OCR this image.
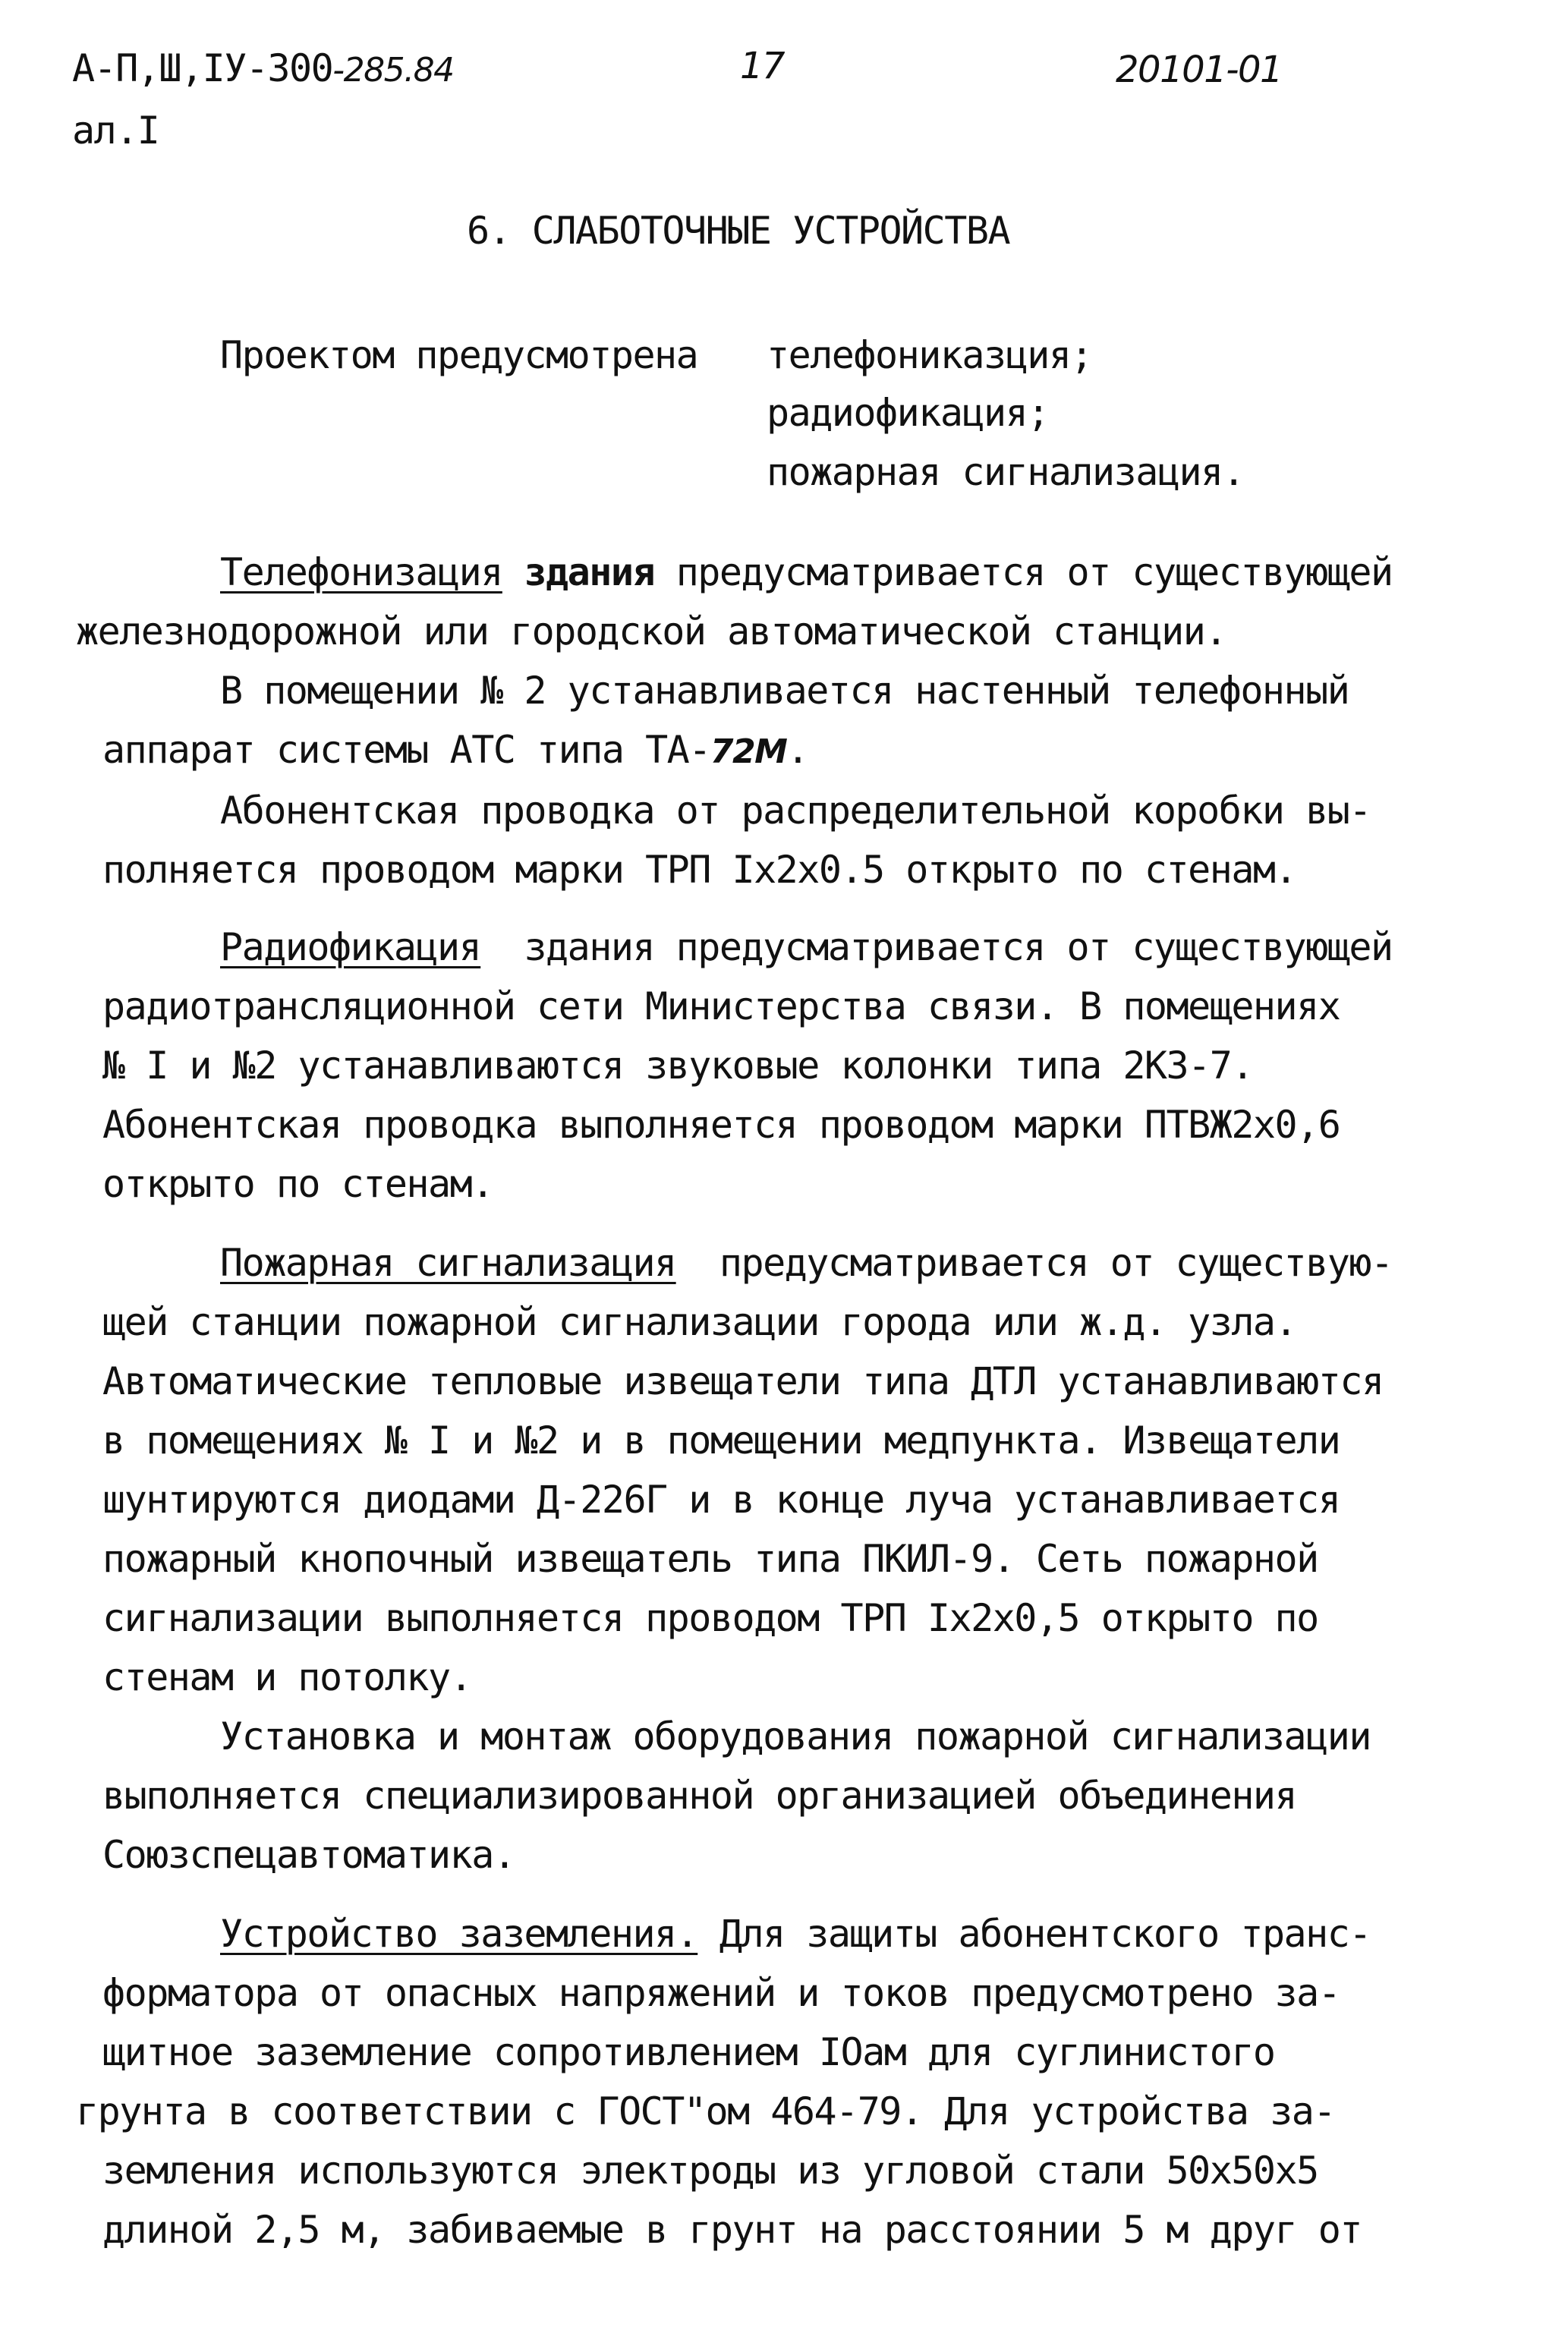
А-П,Ш,IУ-300-285.84
ал.I
17	20101-01
6. СЛАБОТОЧНЫЕ УСТРОЙСТВА
Проектом предусмотрена телефониказция;
радиофикация;
пожарная сигнализация.
Телефонизация здания предусматривается от существующей
железнодорожной или городской автоматической станции.
В помещении № 2 устанавливается настенный телефонный
аппарат системы АТС типа ТА-72М.
Абонентская проводка от распределительной коробки вы-
полняется проводом марки ТРП Iх2х0.5 открыто по стенам.
Радиофикация здания предусматривается от существующей
радиотрансляционной сети Министерства связи. В помещениях
№ I и №2 устанавливаются звуковые колонки типа 2КЗ-7.
Абонентская проводка выполняется проводом марки ПТВЖ2х0,6
открыто по стенам.
Пожарная сигнализация предусматривается от существую-
щей станции пожарной сигнализации города или ж.д. узла.
Автоматические тепловые извещатели типа ДТЛ устанавливаются
в помещениях № I и №2 и в помещении медпункта. Извещатели
шунтируются диодами Д-226Г и в конце луча устанавливается
пожарный кнопочный извещатель типа ПКИЛ-9. Сеть пожарной
сигнализации выполняется проводом ТРП Iх2х0,5 открыто по
стенам и потолку.
Установка и монтаж оборудования пожарной сигнализации
выполняется специализированной организацией объединения
Союзспецавтоматика.
Устройство заземления. Для защиты абонентского транс-
форматора от опасных напряжений и токов предусмотрено за-
щитное заземление сопротивлением IОам для суглинистого
грунта в соответствии с ГОСТ"ом 464-79. Для устройства за-
земления используются электроды из угловой стали 50х50х5
длиной 2,5 м, забиваемые в грунт на расстоянии 5 м друг от
